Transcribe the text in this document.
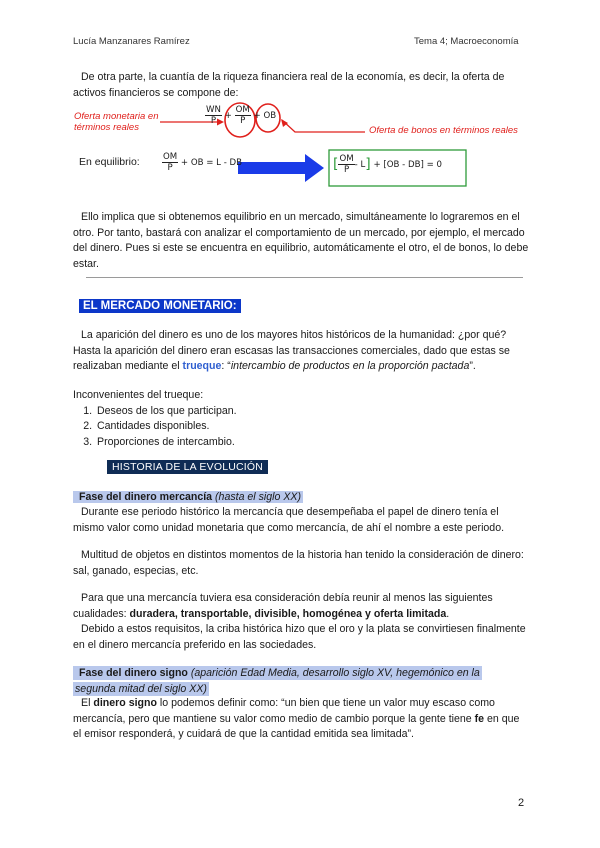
Lucía Manzanares Ramírez	Tema 4; Macroeconomía
De otra parte, la cuantía de la riqueza financiera real de la economía, es decir, la oferta de activos financieros se compone de:
$\frac{WN}{P} + \frac{OM}{P}$ + OB
Oferta monetaria en términos reales	Oferta de bonos en términos reales
En equilibrio:	$\frac{OM}{P}$ + OB = L - DB	[ $\frac{OM}{P} - L] + [OB - DB] = 0$
Ello implica que si obtenemos equilibrio en un mercado, simultáneamente lo lograremos en el otro. Por tanto, bastará con analizar el comportamiento de un mercado, por ejemplo, el mercado del dinero. Pues si este se encuentra en equilibrio, automáticamente el otro, el de bonos, lo debe estar.
EL MERCADO MONETARIO:
La aparición del dinero es uno de los mayores hitos históricos de la humanidad: ¿por qué? Hasta la aparición del dinero eran escasas las transacciones comerciales, dado que estas se realizaban mediante el trueque: “intercambio de productos en la proporción pactada”.
Inconvenientes del trueque:
1. Deseos de los que participan.
2. Cantidades disponibles.
3. Proporciones de intercambio.
HISTORIA DE LA EVOLUCIÓN
Fase del dinero mercancía (hasta el siglo XX)
Durante ese periodo histórico la mercancía que desempeñaba el papel de dinero tenía el mismo valor como unidad monetaria que como mercancía, de ahí el nombre a este periodo.
Multitud de objetos en distintos momentos de la historia han tenido la consideración de dinero: sal, ganado, especias, etc.
Para que una mercancía tuviera esa consideración debía reunir al menos las siguientes cualidades: duradera, transportable, divisible, homogénea y oferta limitada.
Debido a estos requisitos, la criba histórica hizo que el oro y la plata se convirtiesen finalmente en el dinero mercancía preferido en las sociedades.
Fase del dinero signo (aparición Edad Media, desarrollo siglo XV, hegemónico en la
segunda mitad del siglo XX)
El dinero signo lo podemos definir como: “un bien que tiene un valor muy escaso como mercancía, pero que mantiene su valor como medio de cambio porque la gente tiene fe en que el emisor responderá, y cuidará de que la cantidad emitida sea limitada”.
2
